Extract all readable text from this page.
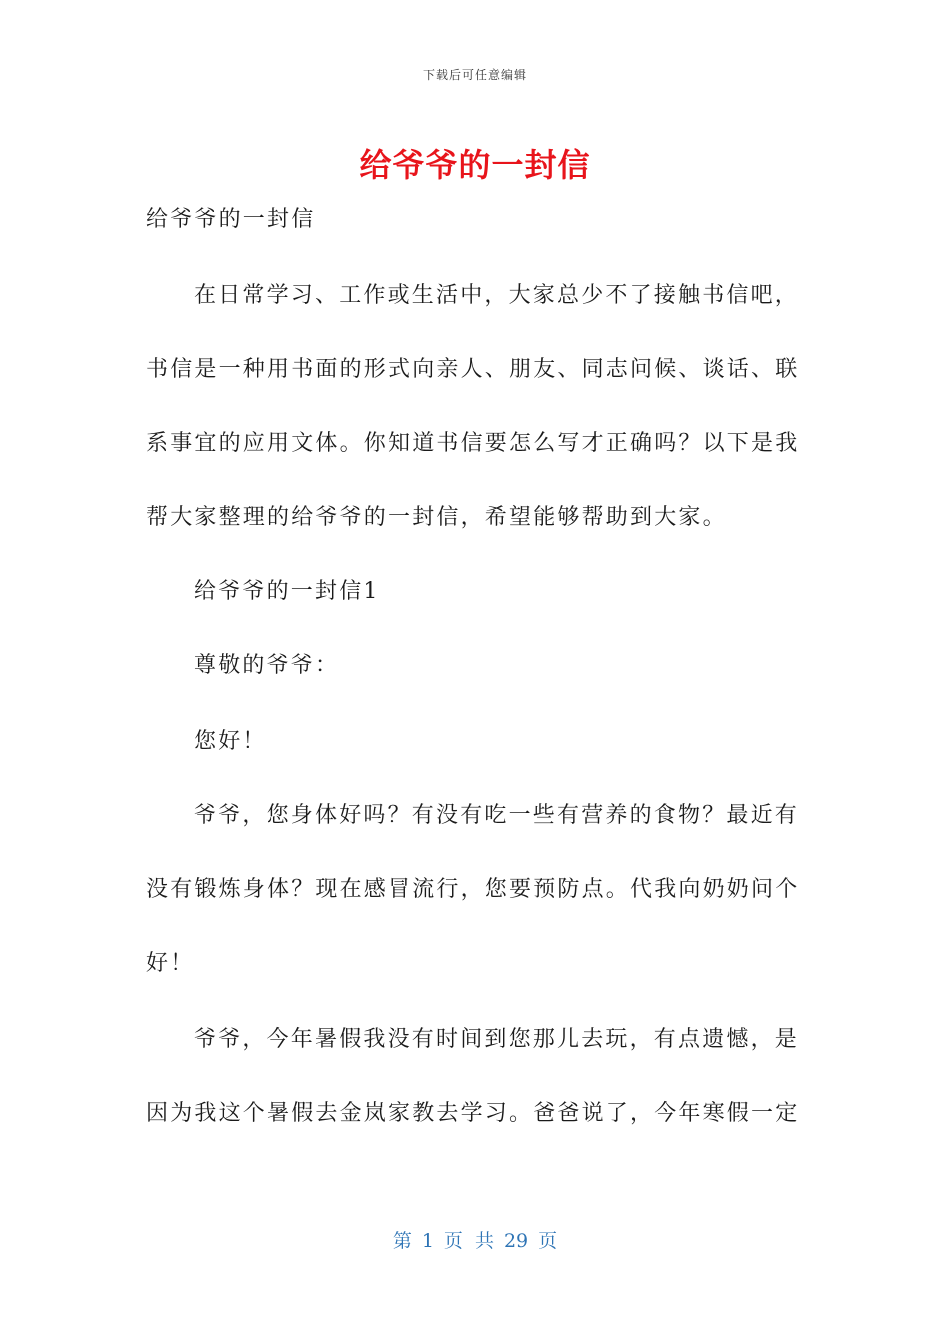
下载后可任意编辑
给爷爷的一封信
给爷爷的一封信
在日常学习、工作或生活中，大家总少不了接触书信吧，
书信是一种用书面的形式向亲人、朋友、同志问候、谈话、联
系事宜的应用文体。你知道书信要怎么写才正确吗？以下是我
帮大家整理的给爷爷的一封信，希望能够帮助到大家。
给爷爷的一封信1
尊敬的爷爷：
您好！
爷爷，您身体好吗？有没有吃一些有营养的食物？最近有
没有锻炼身体？现在感冒流行，您要预防点。代我向奶奶问个
好！
爷爷，今年暑假我没有时间到您那儿去玩，有点遗憾，是
因为我这个暑假去金岚家教去学习。爸爸说了，今年寒假一定
第 1 页 共 29 页
